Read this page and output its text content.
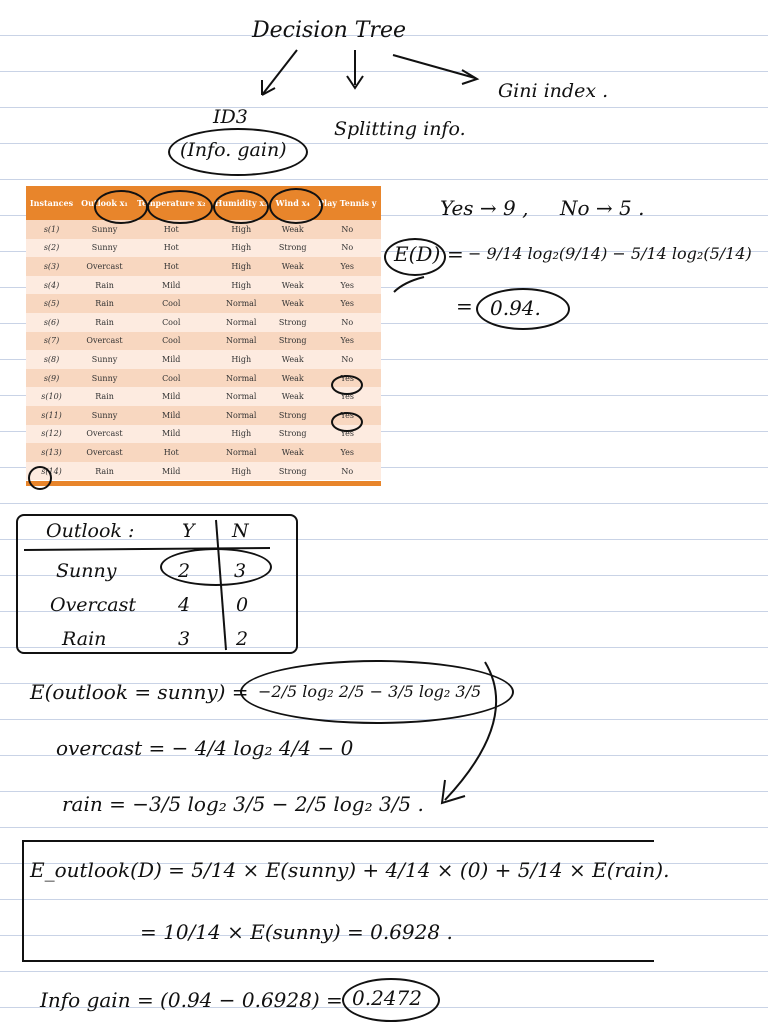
Decision Tree
Gini index .
ID3
Splitting info.
(Info. gain)
Instances	Outlook x₁	Temperature x₂	Humidity x₃	Wind x₄	Play Tennis y
s(1)	Sunny	Hot	High	Weak	No
s(2)	Sunny	Hot	High	Strong	No
s(3)	Overcast	Hot	High	Weak	Yes
s(4)	Rain	Mild	High	Weak	Yes
s(5)	Rain	Cool	Normal	Weak	Yes
s(6)	Rain	Cool	Normal	Strong	No
s(7)	Overcast	Cool	Normal	Strong	Yes
s(8)	Sunny	Mild	High	Weak	No
s(9)	Sunny	Cool	Normal	Weak	Yes
s(10)	Rain	Mild	Normal	Weak	Yes
s(11)	Sunny	Mild	Normal	Strong	Yes
s(12)	Overcast	Mild	High	Strong	Yes
s(13)	Overcast	Hot	Normal	Weak	Yes
s(14)	Rain	Mild	High	Strong	No
Yes → 9 , No → 5 .
E(D) = − 9/14 log₂(9/14) − 5/14 log₂(5/14)
= 0.94.
Outlook :	Y N
Sunny	2 3
Overcast 4 0
Rain	3 2
E(outlook = sunny) = −2/5 log₂ 2/5 − 3/5 log₂ 3/5
overcast = − 4/4 log₂ 4/4 − 0
rain = −3/5 log₂ 3/5 − 2/5 log₂ 3/5 .
E_outlook(D) = 5/14 × E(sunny) + 4/14 × (0) + 5/14 × E(rain).
= 10/14 × E(sunny) = 0.6928 .
Info gain = (0.94 − 0.6928) = 0.2472
